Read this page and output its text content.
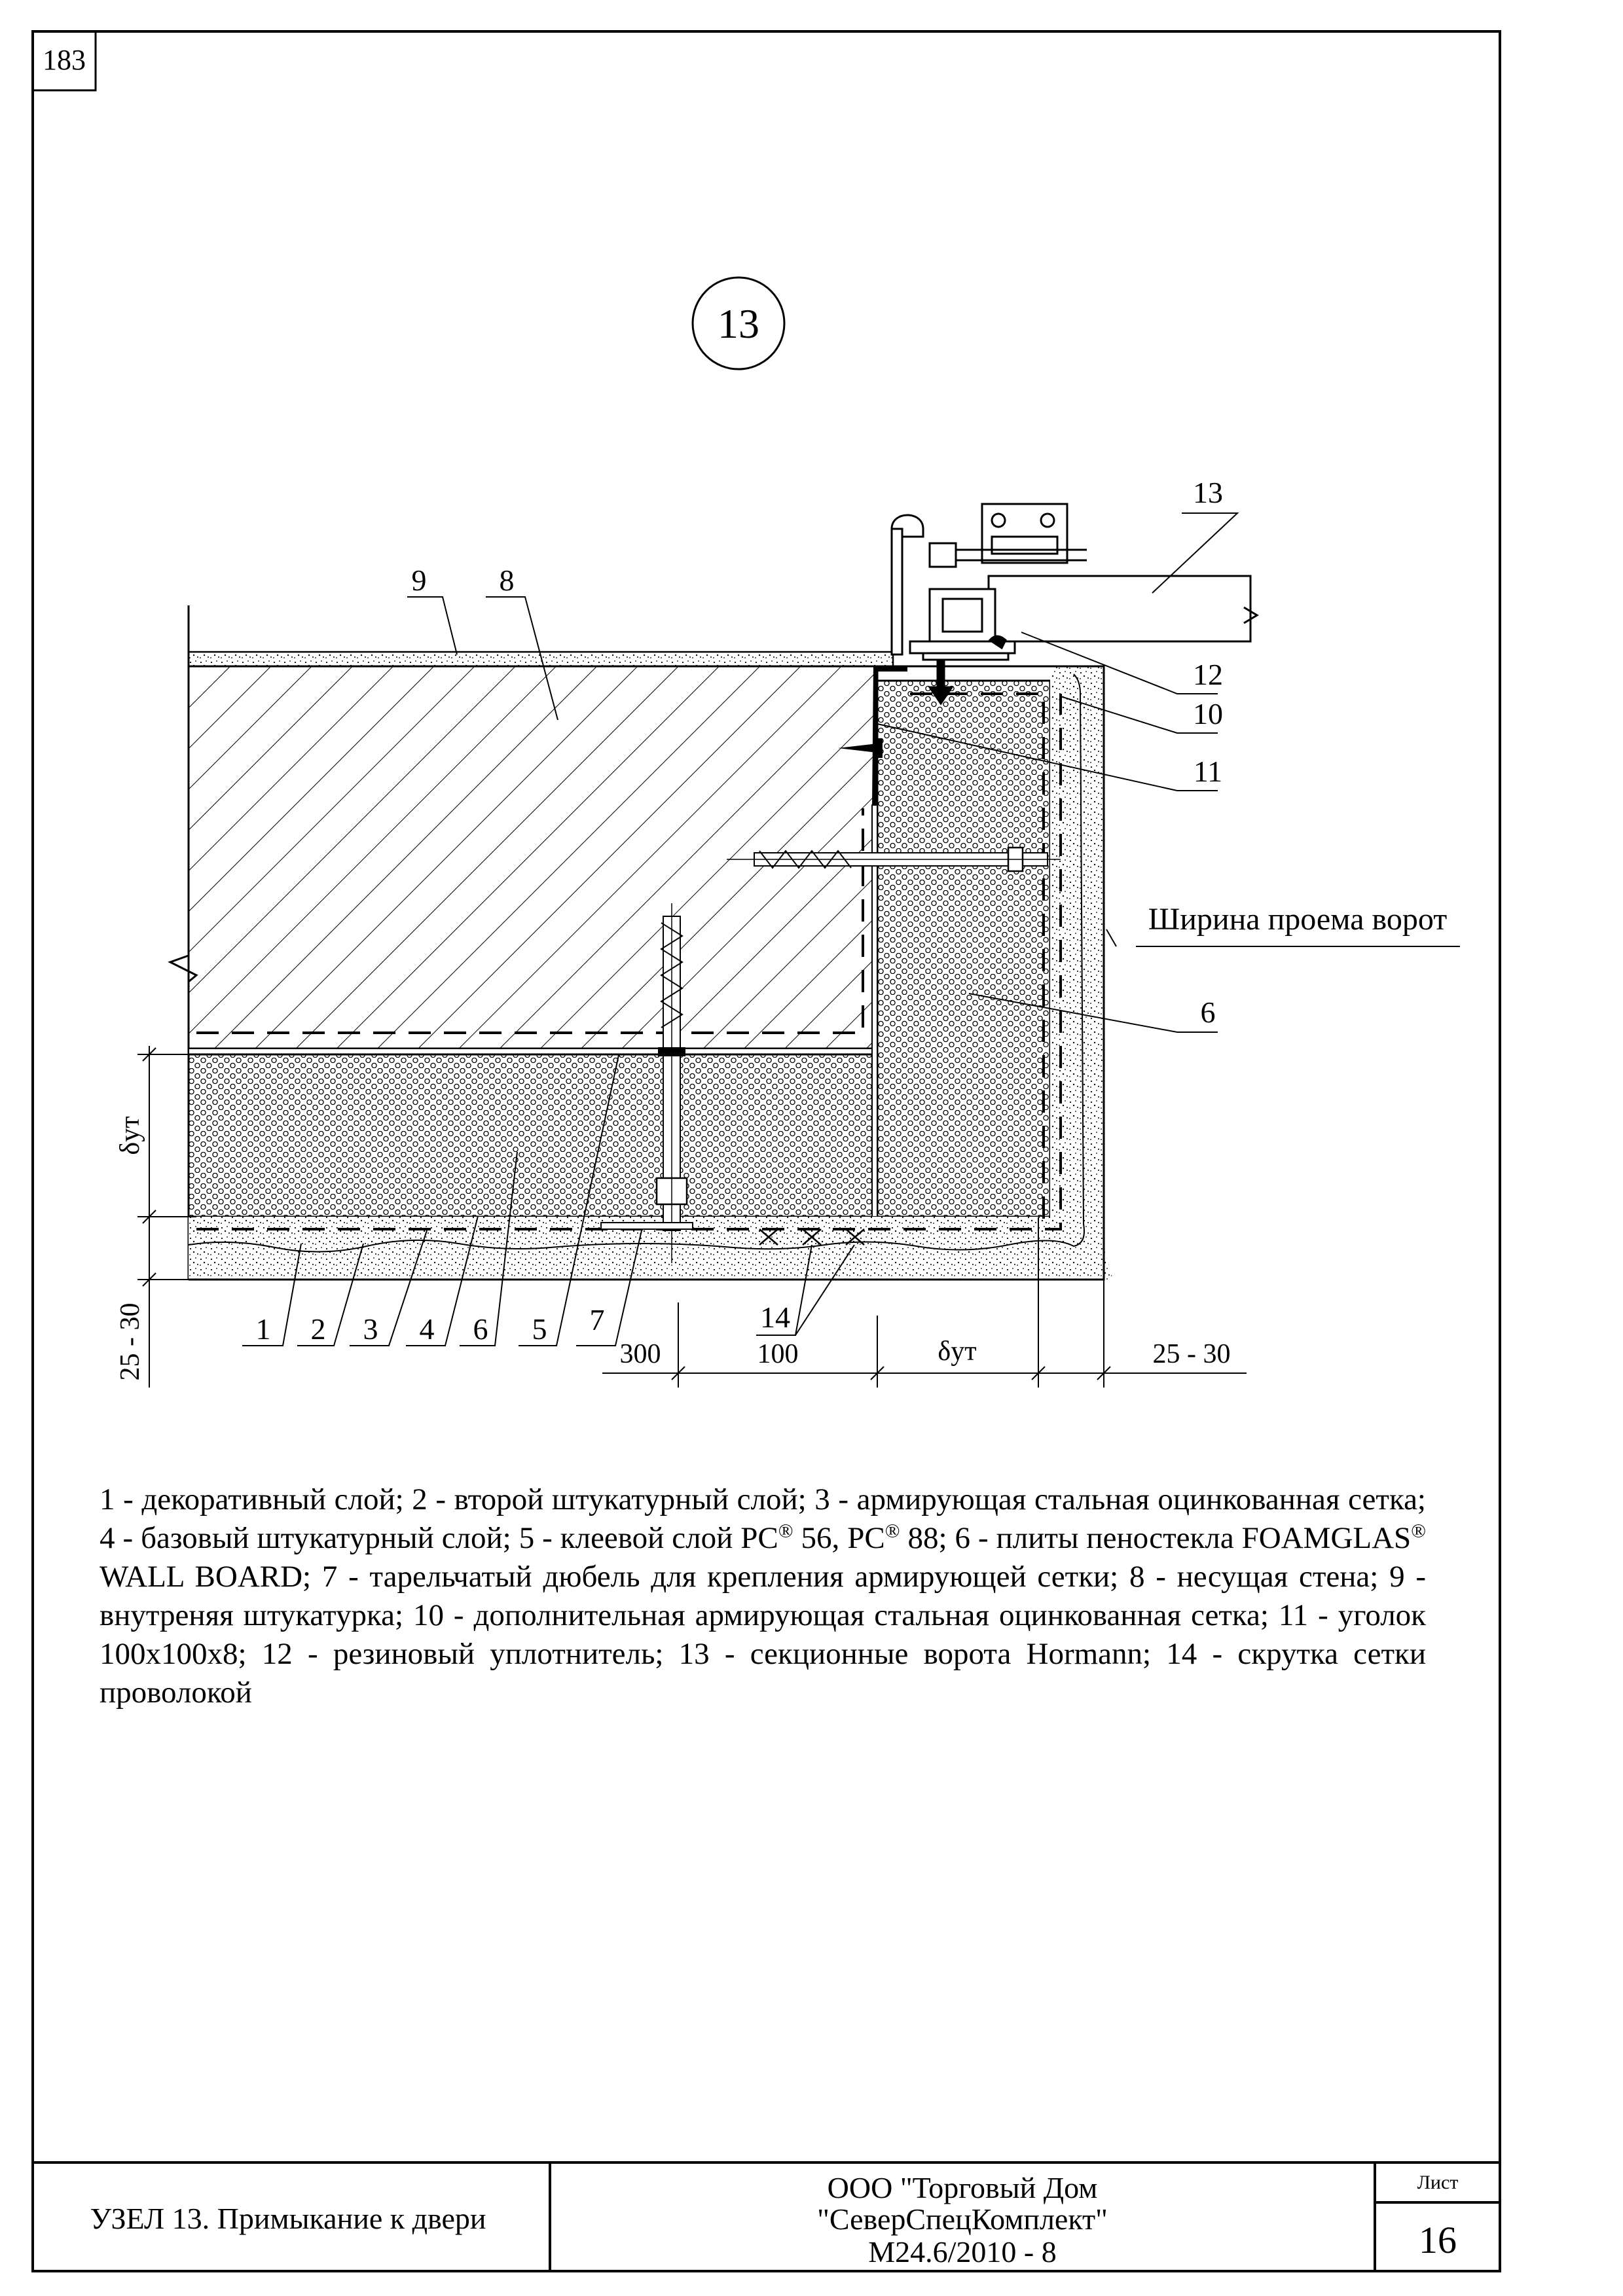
183
13
9 8
13
12
10
11
Ширина проема ворот
6
1 2 3 4 6 5 7	14
300	100	δут	25 - 30
δут
25 - 30
УЗЕЛ 13. Примыкание к двери
ООО "Торговый Дом
"СеверСпецКомплект"
М24.6/2010 - 8
Лист
16
1 - декоративный слой; 2 - второй штукатурный слой; 3 - армирующая стальная оцинкованная сетка; 4 - базовый штукатурный слой; 5 - клеевой слой PC® 56, PC® 88; 6 - плиты пеностекла FOAMGLAS® WALL BOARD; 7 - тарельчатый дюбель для крепления армирующей сетки; 8 - несущая стена; 9 - внутреняя штукатурка; 10 - дополнительная армирующая стальная оцинкованная сетка; 11 - уголок 100х100х8; 12 - резиновый уплотнитель; 13 - секционные ворота Hormann; 14 - скрутка сетки проволокой
